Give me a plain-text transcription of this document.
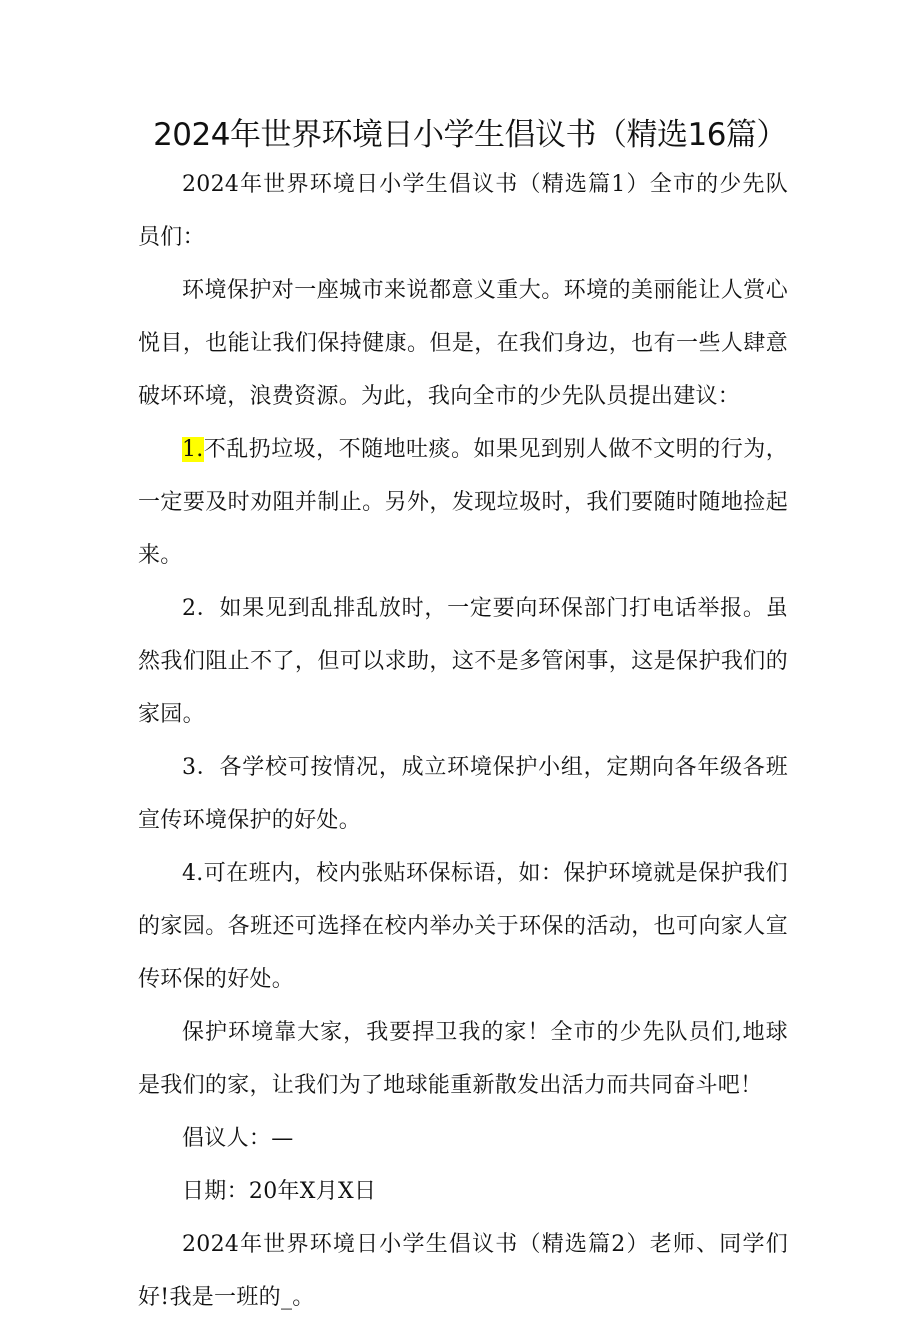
2024年世界环境日小学生倡议书（精选16篇）

2024年世界环境日小学生倡议书（精选篇1）全市的少先队员们：

环境保护对一座城市来说都意义重大。环境的美丽能让人赏心悦目，也能让我们保持健康。但是，在我们身边，也有一些人肆意破坏环境，浪费资源。为此，我向全市的少先队员提出建议：

1.不乱扔垃圾，不随地吐痰。如果见到别人做不文明的行为，一定要及时劝阻并制止。另外，发现垃圾时，我们要随时随地捡起来。

2．如果见到乱排乱放时，一定要向环保部门打电话举报。虽然我们阻止不了，但可以求助，这不是多管闲事，这是保护我们的家园。

3．各学校可按情况，成立环境保护小组，定期向各年级各班宣传环境保护的好处。

4.可在班内，校内张贴环保标语，如：保护环境就是保护我们的家园。各班还可选择在校内举办关于环保的活动，也可向家人宣传环保的好处。

保护环境靠大家，我要捍卫我的家！全市的少先队员们,地球是我们的家，让我们为了地球能重新散发出活力而共同奋斗吧！

倡议人：—

日期：20年X月X日

2024年世界环境日小学生倡议书（精选篇2）老师、同学们好!我是一班的_。
